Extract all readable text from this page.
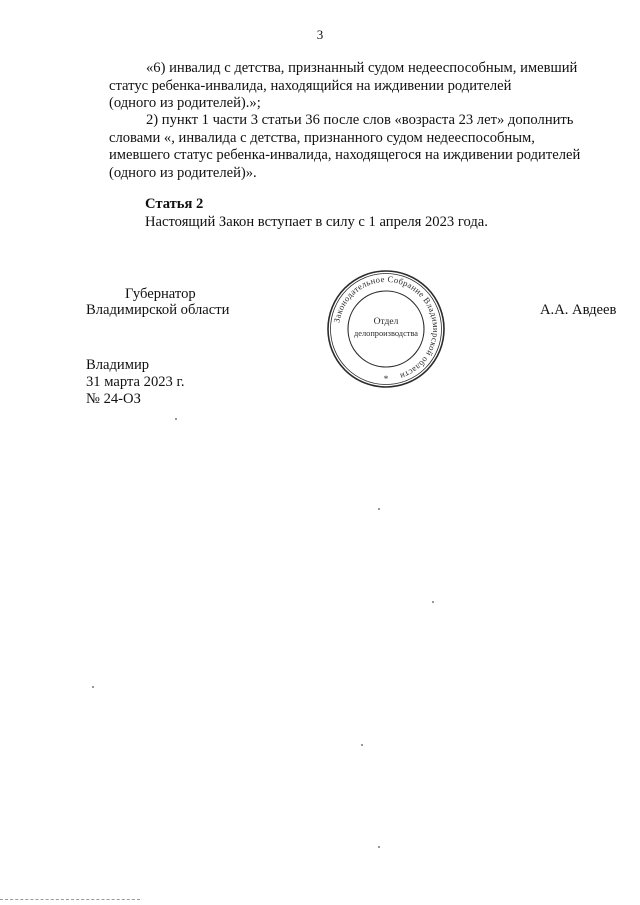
3
«6) инвалид с детства, признанный судом недееспособным, имевший
статус ребенка-инвалида, находящийся на иждивении родителей
(одного из родителей).»;
2) пункт 1 части 3 статьи 36 после слов «возраста 23 лет» дополнить
словами «, инвалида с детства, признанного судом недееспособным,
имевшего статус ребенка-инвалида, находящегося на иждивении родителей
(одного из родителей)».
Статья 2
Настоящий Закон вступает в силу с 1 апреля 2023 года.
Губернатор
Владимирской области	А.А. Авдеев
Законодательное Собрание Владимирской области
Отдел
делопроизводства
*
Владимир
31 марта 2023 г.
№ 24-ОЗ
